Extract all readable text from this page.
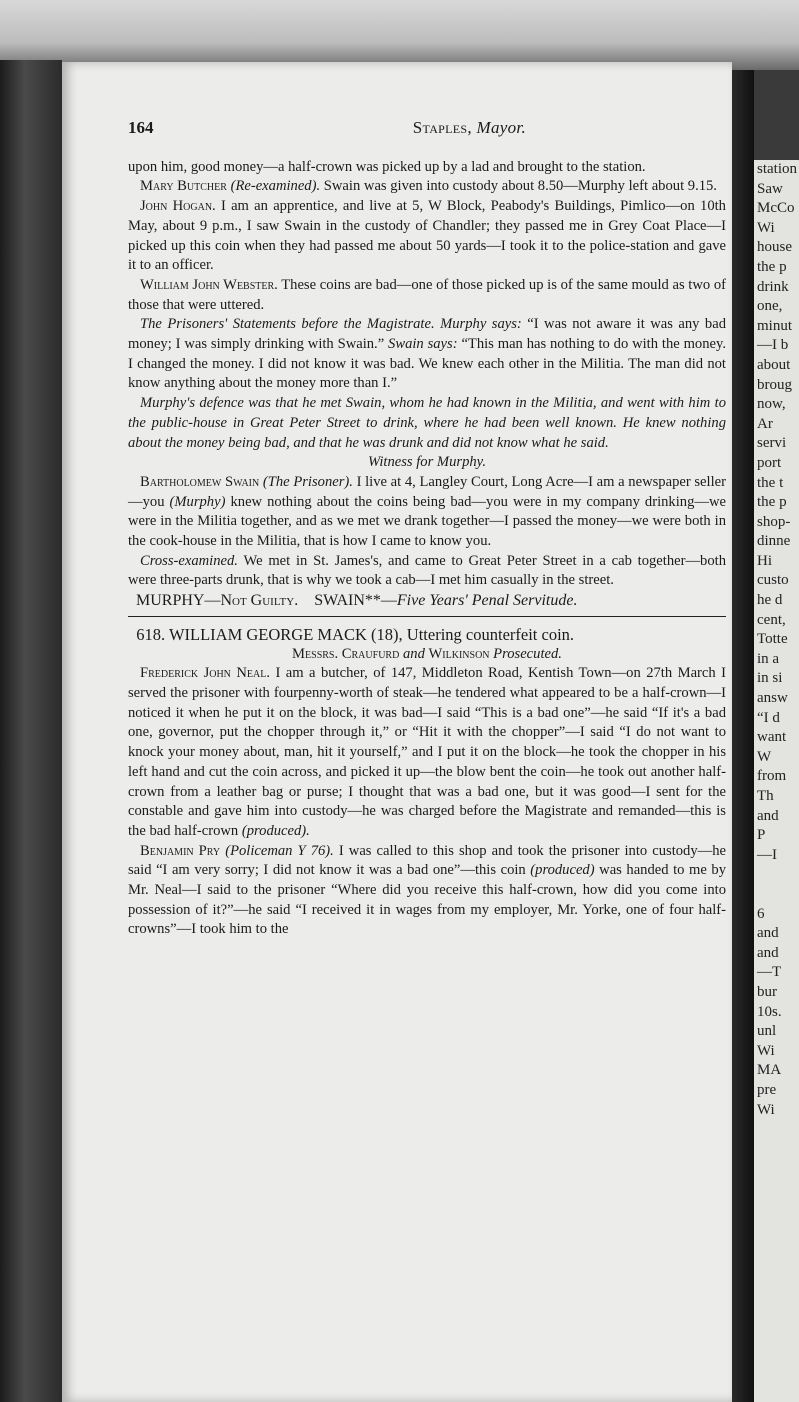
station
Saw
McCo
Wi
house
the p
drink
one,
minut
—I b
about
broug
now,
Ar
servi
port
the t
the p
shop-
dinne
Hi
custo
he d
cent,
Totte
in a
in si
answ
“I d
want
W
from
Th
and
P
—I

6
and
and
—T
bur
10s.
unl
Wi
MA
pre
Wi
164	Staples, Mayor.

upon him, good money—a half-crown was picked up by a lad and brought to the station.

Mary Butcher (Re-examined). Swain was given into custody about 8.50—Murphy left about 9.15.

John Hogan. I am an apprentice, and live at 5, W Block, Peabody's Buildings, Pimlico—on 10th May, about 9 p.m., I saw Swain in the custody of Chandler; they passed me in Grey Coat Place—I picked up this coin when they had passed me about 50 yards—I took it to the police-station and gave it to an officer.

William John Webster. These coins are bad—one of those picked up is of the same mould as two of those that were uttered.

The Prisoners' Statements before the Magistrate. Murphy says: “I was not aware it was any bad money; I was simply drinking with Swain.” Swain says: “This man has nothing to do with the money. I changed the money. I did not know it was bad. We knew each other in the Militia. The man did not know anything about the money more than I.”

Murphy's defence was that he met Swain, whom he had known in the Militia, and went with him to the public-house in Great Peter Street to drink, where he had been well known. He knew nothing about the money being bad, and that he was drunk and did not know what he said.

Witness for Murphy.

Bartholomew Swain (The Prisoner). I live at 4, Langley Court, Long Acre—I am a newspaper seller—you (Murphy) knew nothing about the coins being bad—you were in my company drinking—we were in the Militia together, and as we met we drank together—I passed the money—we were both in the cook-house in the Militia, that is how I came to know you.

Cross-examined. We met in St. James's, and came to Great Peter Street in a cab together—both were three-parts drunk, that is why we took a cab—I met him casually in the street.

MURPHY—Not Guilty. SWAIN**—Five Years' Penal Servitude.

618. WILLIAM GEORGE MACK (18), Uttering counterfeit coin.

Messrs. Craufurd and Wilkinson Prosecuted.

Frederick John Neal. I am a butcher, of 147, Middleton Road, Kentish Town—on 27th March I served the prisoner with fourpenny-worth of steak—he tendered what appeared to be a half-crown—I noticed it when he put it on the block, it was bad—I said “This is a bad one”—he said “If it's a bad one, governor, put the chopper through it,” or “Hit it with the chopper”—I said “I do not want to knock your money about, man, hit it yourself,” and I put it on the block—he took the chopper in his left hand and cut the coin across, and picked it up—the blow bent the coin—he took out another half-crown from a leather bag or purse; I thought that was a bad one, but it was good—I sent for the constable and gave him into custody—he was charged before the Magistrate and remanded—this is the bad half-crown (produced).

Benjamin Pry (Policeman Y 76). I was called to this shop and took the prisoner into custody—he said “I am very sorry; I did not know it was a bad one”—this coin (produced) was handed to me by Mr. Neal—I said to the prisoner “Where did you receive this half-crown, how did you come into possession of it?”—he said “I received it in wages from my employer, Mr. Yorke, one of four half-crowns”—I took him to the
